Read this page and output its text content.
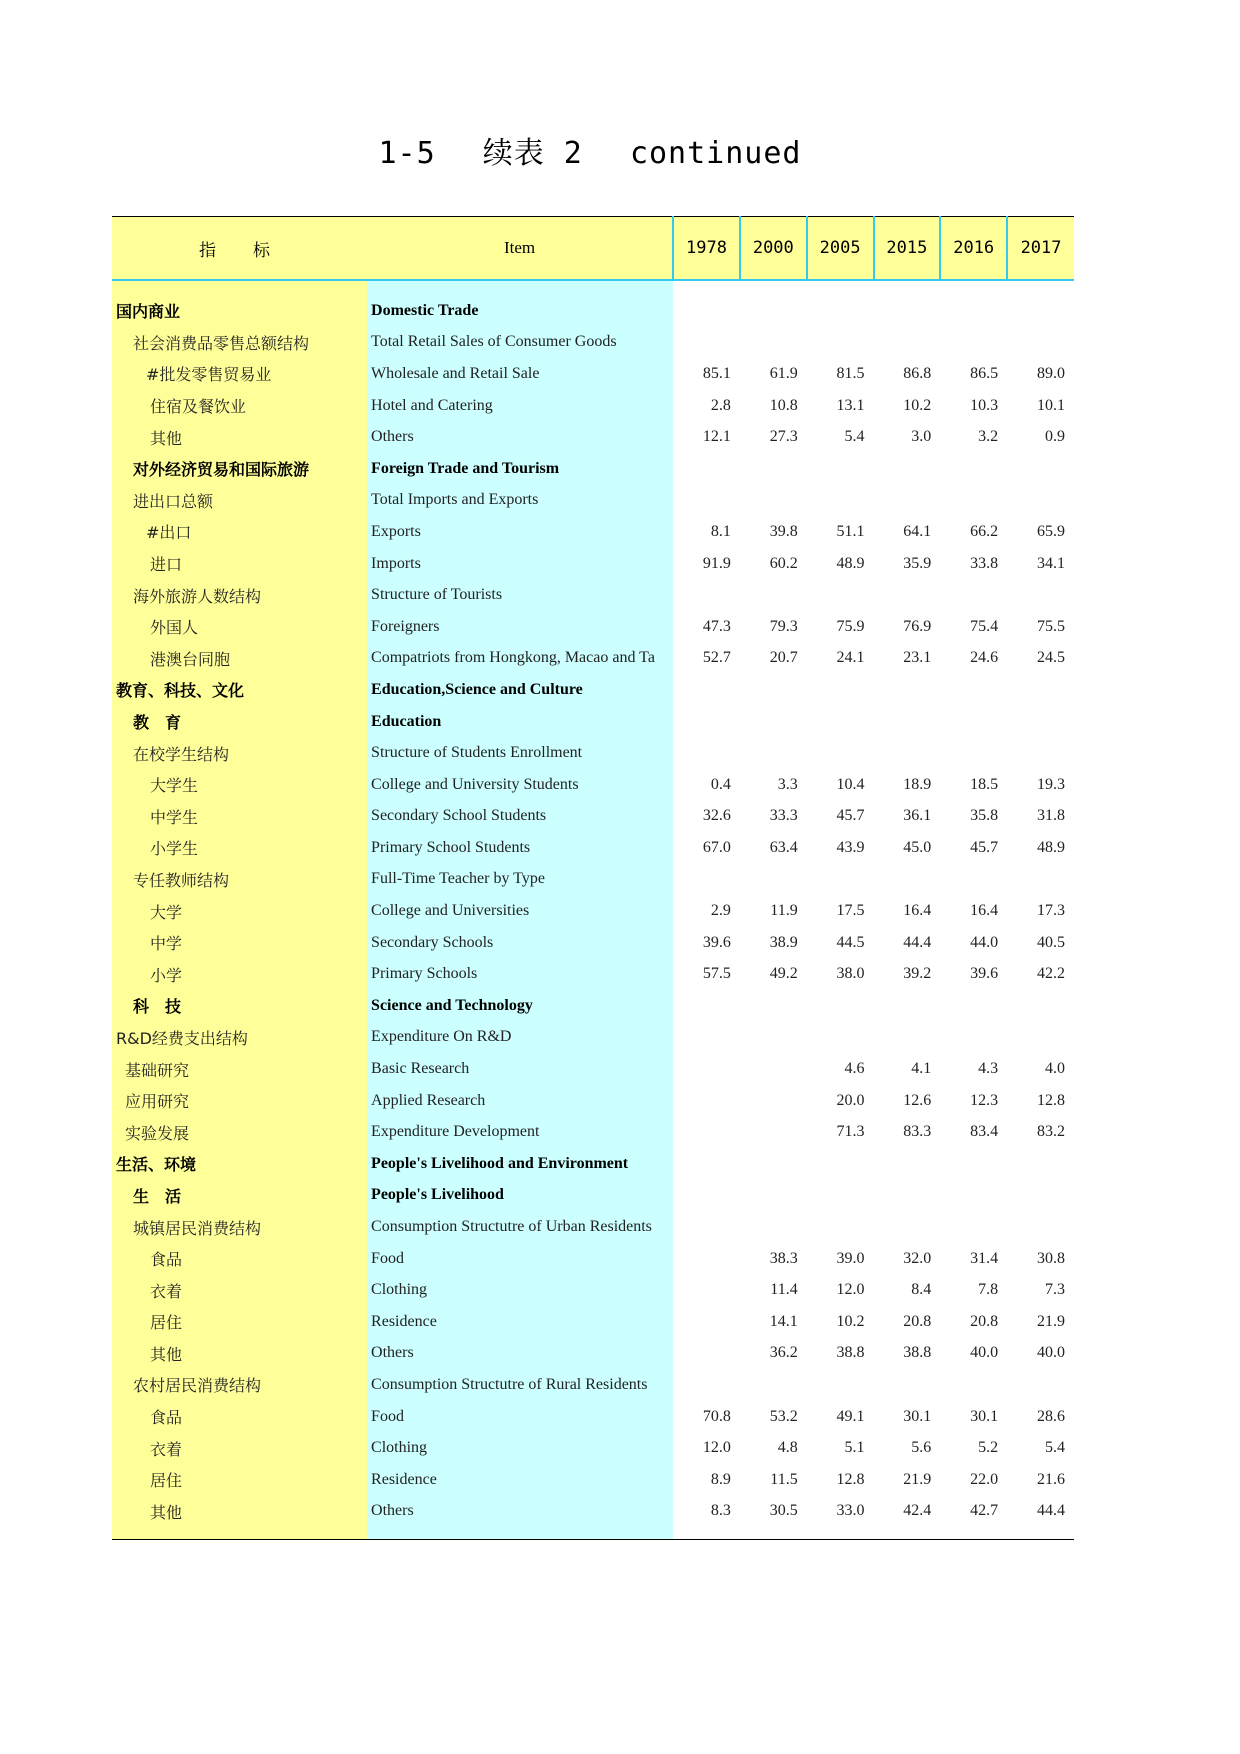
1-5 续表 2 continued
指　标	Item	1978	2000	2005	2015	2016	2017
国内商业	Domestic Trade						
社会消费品零售总额结构	Total Retail Sales of Consumer Goods						
#批发零售贸易业	Wholesale and Retail Sale	85.1	61.9	81.5	86.8	86.5	89.0
住宿及餐饮业	Hotel and Catering	2.8	10.8	13.1	10.2	10.3	10.1
其他	Others	12.1	27.3	5.4	3.0	3.2	0.9
对外经济贸易和国际旅游	Foreign Trade and Tourism						
进出口总额	Total Imports and Exports						
#出口	Exports	8.1	39.8	51.1	64.1	66.2	65.9
进口	Imports	91.9	60.2	48.9	35.9	33.8	34.1
海外旅游人数结构	Structure of Tourists						
外国人	Foreigners	47.3	79.3	75.9	76.9	75.4	75.5
港澳台同胞	Compatriots from Hongkong, Macao and Ta	52.7	20.7	24.1	23.1	24.6	24.5
教育、科技、文化	Education,Science and Culture						
教　育	Education						
在校学生结构	Structure of Students Enrollment						
大学生	College and University Students	0.4	3.3	10.4	18.9	18.5	19.3
中学生	Secondary School Students	32.6	33.3	45.7	36.1	35.8	31.8
小学生	Primary School Students	67.0	63.4	43.9	45.0	45.7	48.9
专任教师结构	Full-Time Teacher by Type						
大学	College and Universities	2.9	11.9	17.5	16.4	16.4	17.3
中学	Secondary Schools	39.6	38.9	44.5	44.4	44.0	40.5
小学	Primary Schools	57.5	49.2	38.0	39.2	39.6	42.2
科　技	Science and Technology						
R&D经费支出结构	Expenditure On R&D						
基础研究	Basic Research			4.6	4.1	4.3	4.0
应用研究	Applied Research			20.0	12.6	12.3	12.8
实验发展	Expenditure Development			71.3	83.3	83.4	83.2
生活、环境	People's Livelihood and Environment						
生　活	People's Livelihood						
城镇居民消费结构	Consumption Structutre of Urban Residents						
食品	Food		38.3	39.0	32.0	31.4	30.8
衣着	Clothing		11.4	12.0	8.4	7.8	7.3
居住	Residence		14.1	10.2	20.8	20.8	21.9
其他	Others		36.2	38.8	38.8	40.0	40.0
农村居民消费结构	Consumption Structutre of Rural Residents						
食品	Food	70.8	53.2	49.1	30.1	30.1	28.6
衣着	Clothing	12.0	4.8	5.1	5.6	5.2	5.4
居住	Residence	8.9	11.5	12.8	21.9	22.0	21.6
其他	Others	8.3	30.5	33.0	42.4	42.7	44.4
